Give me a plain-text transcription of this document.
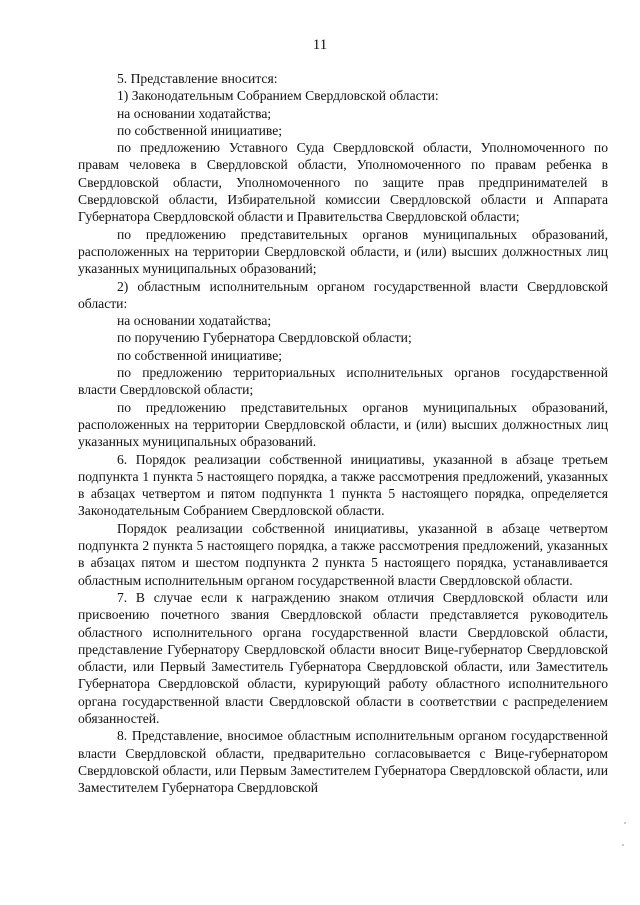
11

5. Представление вносится:

1) Законодательным Собранием Свердловской области:

на основании ходатайства;

по собственной инициативе;

по предложению Уставного Суда Свердловской области, Уполномоченного по правам человека в Свердловской области, Уполномоченного по правам ребенка в Свердловской области, Уполномоченного по защите прав предпринимателей в Свердловской области, Избирательной комиссии Свердловской области и Аппарата Губернатора Свердловской области и Правительства Свердловской области;

по предложению представительных органов муниципальных образований, расположенных на территории Свердловской области, и (или) высших должностных лиц указанных муниципальных образований;

2) областным исполнительным органом государственной власти Свердловской области:

на основании ходатайства;

по поручению Губернатора Свердловской области;

по собственной инициативе;

по предложению территориальных исполнительных органов государственной власти Свердловской области;

по предложению представительных органов муниципальных образований, расположенных на территории Свердловской области, и (или) высших должностных лиц указанных муниципальных образований.

6. Порядок реализации собственной инициативы, указанной в абзаце третьем подпункта 1 пункта 5 настоящего порядка, а также рассмотрения предложений, указанных в абзацах четвертом и пятом подпункта 1 пункта 5 настоящего порядка, определяется Законодательным Собранием Свердловской области.

Порядок реализации собственной инициативы, указанной в абзаце четвертом подпункта 2 пункта 5 настоящего порядка, а также рассмотрения предложений, указанных в абзацах пятом и шестом подпункта 2 пункта 5 настоящего порядка, устанавливается областным исполнительным органом государственной власти Свердловской области.

7. В случае если к награждению знаком отличия Свердловской области или присвоению почетного звания Свердловской области представляется руководитель областного исполнительного органа государственной власти Свердловской области, представление Губернатору Свердловской области вносит Вице-губернатор Свердловской области, или Первый Заместитель Губернатора Свердловской области, или Заместитель Губернатора Свердловской области, курирующий работу областного исполнительного органа государственной власти Свердловской области в соответствии с распределением обязанностей.

8. Представление, вносимое областным исполнительным органом государственной власти Свердловской области, предварительно согласовывается с Вице-губернатором Свердловской области, или Первым Заместителем Губернатора Свердловской области, или Заместителем Губернатора Свердловской
